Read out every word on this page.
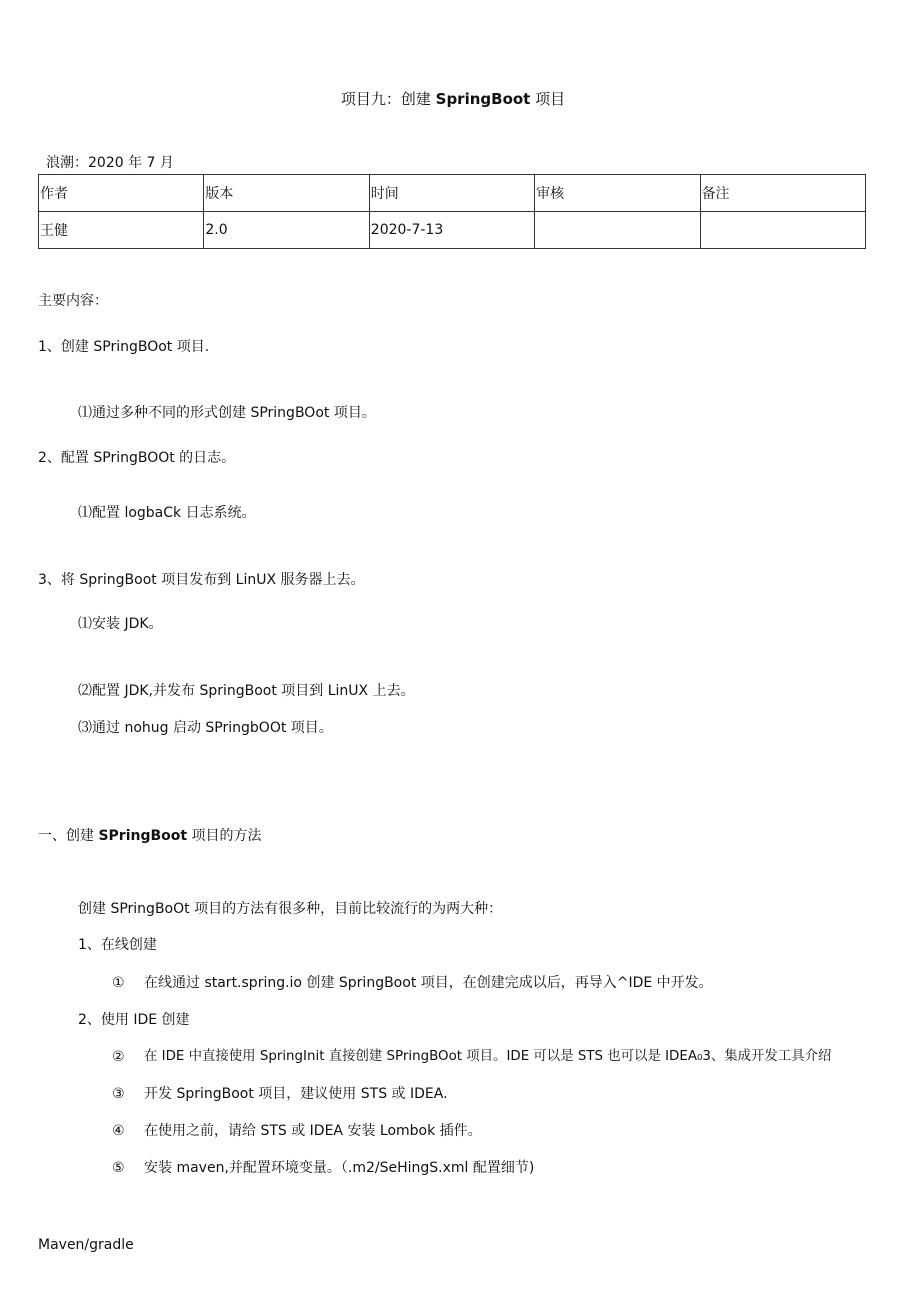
项目九：创建 SpringBoot 项目
浪潮：2020 年 7 月
作者	版本	时间	审核	备注
王健	2.0	2020-7-13		
主要内容：
1、创建 SPringBOot 项目.
⑴通过多种不同的形式创建 SPringBOot 项目。
2、配置 SPringBOOt 的日志。
⑴配置 logbaCk 日志系统。
3、将 SpringBoot 项目发布到 LinUX 服务器上去。
⑴安装 JDK。
⑵配置 JDK,并发布 SpringBoot 项目到 LinUX 上去。
⑶通过 nohug 启动 SPringbOOt 项目。
一、创建 SPringBoot 项目的方法
创建 SPringBoOt 项目的方法有很多种，目前比较流行的为两大种：
1、在线创建
① 在线通过 start.spring.io 创建 SpringBoot 项目，在创建完成以后，再导入^IDE 中开发。
2、使用 IDE 创建
② 在 IDE 中直接使用 SpringInit 直接创建 SPringBOot 项目。IDE 可以是 STS 也可以是 IDEA₀3、集成开发工具介绍
③ 开发 SpringBoot 项目，建议使用 STS 或 IDEA.
④ 在使用之前，请给 STS 或 IDEA 安装 Lombok 插件。
⑤ 安装 maven,并配置环境变量。（.m2/SeHingS.xml 配置细节)
Maven/gradle
